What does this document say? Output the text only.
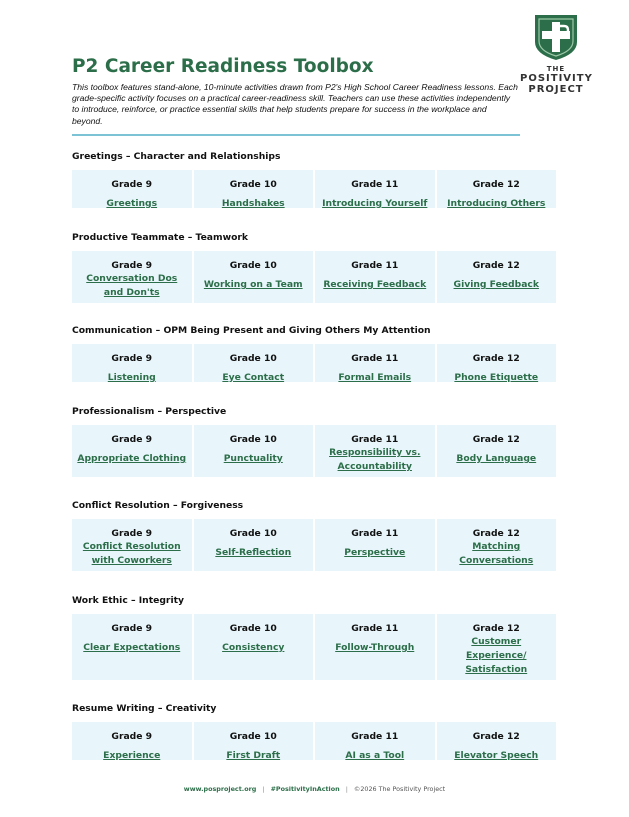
THE
POSITIVITY
PROJECT
P2 Career Readiness Toolbox

This toolbox features stand-alone, 10-minute activities drawn from P2's High School Career Readiness lessons. Each grade-specific activity focuses on a practical career-readiness skill. Teachers can use these activities independently to introduce, reinforce, or practice essential skills that help students prepare for success in the workplace and beyond.

Greetings – Character and Relationships
Grade 9
Greetings
Grade 10
Handshakes
Grade 11
Introducing Yourself
Grade 12
Introducing Others
Productive Teammate – Teamwork
Grade 9
Conversation Dos
and Don'ts
Grade 10
Working on a Team
Grade 11
Receiving Feedback
Grade 12
Giving Feedback
Communication – OPM Being Present and Giving Others My Attention
Grade 9
Listening
Grade 10
Eye Contact
Grade 11
Formal Emails
Grade 12
Phone Etiquette
Professionalism – Perspective
Grade 9
Appropriate Clothing
Grade 10
Punctuality
Grade 11
Responsibility vs.
Accountability
Grade 12
Body Language
Conflict Resolution – Forgiveness
Grade 9
Conflict Resolution
with Coworkers
Grade 10
Self-Reflection
Grade 11
Perspective
Grade 12
Matching
Conversations
Work Ethic – Integrity
Grade 9
Clear Expectations
Grade 10
Consistency
Grade 11
Follow-Through
Grade 12
Customer
Experience/
Satisfaction
Resume Writing – Creativity
Grade 9
Experience
Grade 10
First Draft
Grade 11
AI as a Tool
Grade 12
Elevator Speech
www.posproject.org | #PositivityInAction | ©2026 The Positivity Project
